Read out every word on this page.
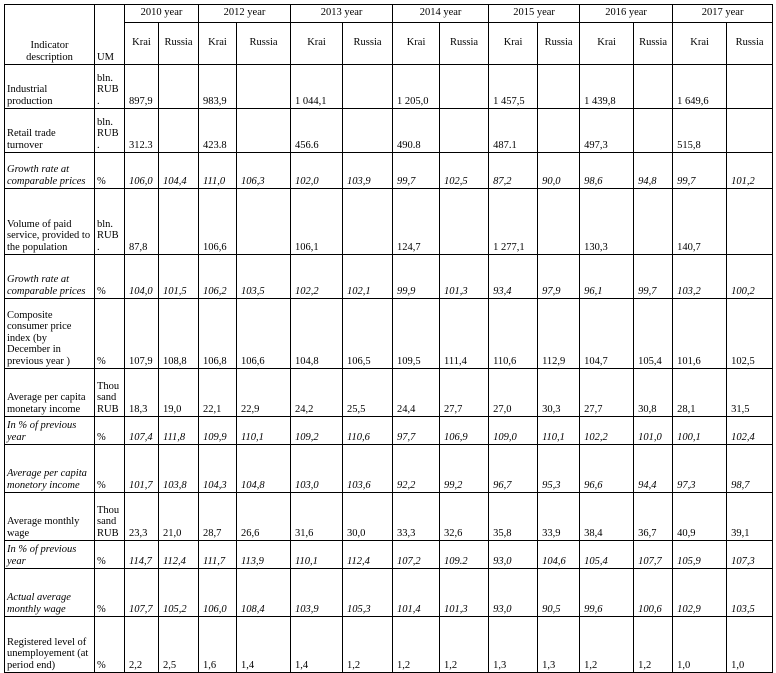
Indicator description	UM	2010 year		2012 year		2013 year		2014 year		2015 year		2016 year		2017 year	
		Krai	Russia	Krai	Russia	Krai	Russia	Krai	Russia	Krai	Russia	Krai	Russia	Krai	Russia
Industrial production	bln. RUB .	897,9		983,9		1 044,1		1 205,0		1 457,5		1 439,8		1 649,6	
Retail trade turnover	bln. RUB .	312.3		423.8		456.6		490.8		487.1		497,3		515,8	
Growth rate at comparable prices	%	106,0	104,4	111,0	106,3	102,0	103,9	99,7	102,5	87,2	90,0	98,6	94,8	99,7	101,2
Volume of paid service, provided to the population	bln. RUB .	87,8		106,6		106,1		124,7		1 277,1		130,3		140,7	
Growth rate at comparable prices	%	104,0	101,5	106,2	103,5	102,2	102,1	99,9	101,3	93,4	97,9	96,1	99,7	103,2	100,2
Composite consumer price index (by December in previous year )	%	107,9	108,8	106,8	106,6	104,8	106,5	109,5	111,4	110,6	112,9	104,7	105,4	101,6	102,5
Average per capita monetary income	Thou sand RUB	18,3	19,0	22,1	22,9	24,2	25,5	24,4	27,7	27,0	30,3	27,7	30,8	28,1	31,5
In % of previous year	%	107,4	111,8	109,9	110,1	109,2	110,6	97,7	106,9	109,0	110,1	102,2	101,0	100,1	102,4
Average per capita monetory income	%	101,7	103,8	104,3	104,8	103,0	103,6	92,2	99,2	96,7	95,3	96,6	94,4	97,3	98,7
Average monthly wage	Thou sand RUB	23,3	21,0	28,7	26,6	31,6	30,0	33,3	32,6	35,8	33,9	38,4	36,7	40,9	39,1
In % of previous year	%	114,7	112,4	111,7	113,9	110,1	112,4	107,2	109.2	93,0	104,6	105,4	107,7	105,9	107,3
Actual average monthly wage	%	107,7	105,2	106,0	108,4	103,9	105,3	101,4	101,3	93,0	90,5	99,6	100,6	102,9	103,5
Registered level of unemployement (at period end)	%	2,2	2,5	1,6	1,4	1,4	1,2	1,2	1,2	1,3	1,3	1,2	1,2	1,0	1,0
